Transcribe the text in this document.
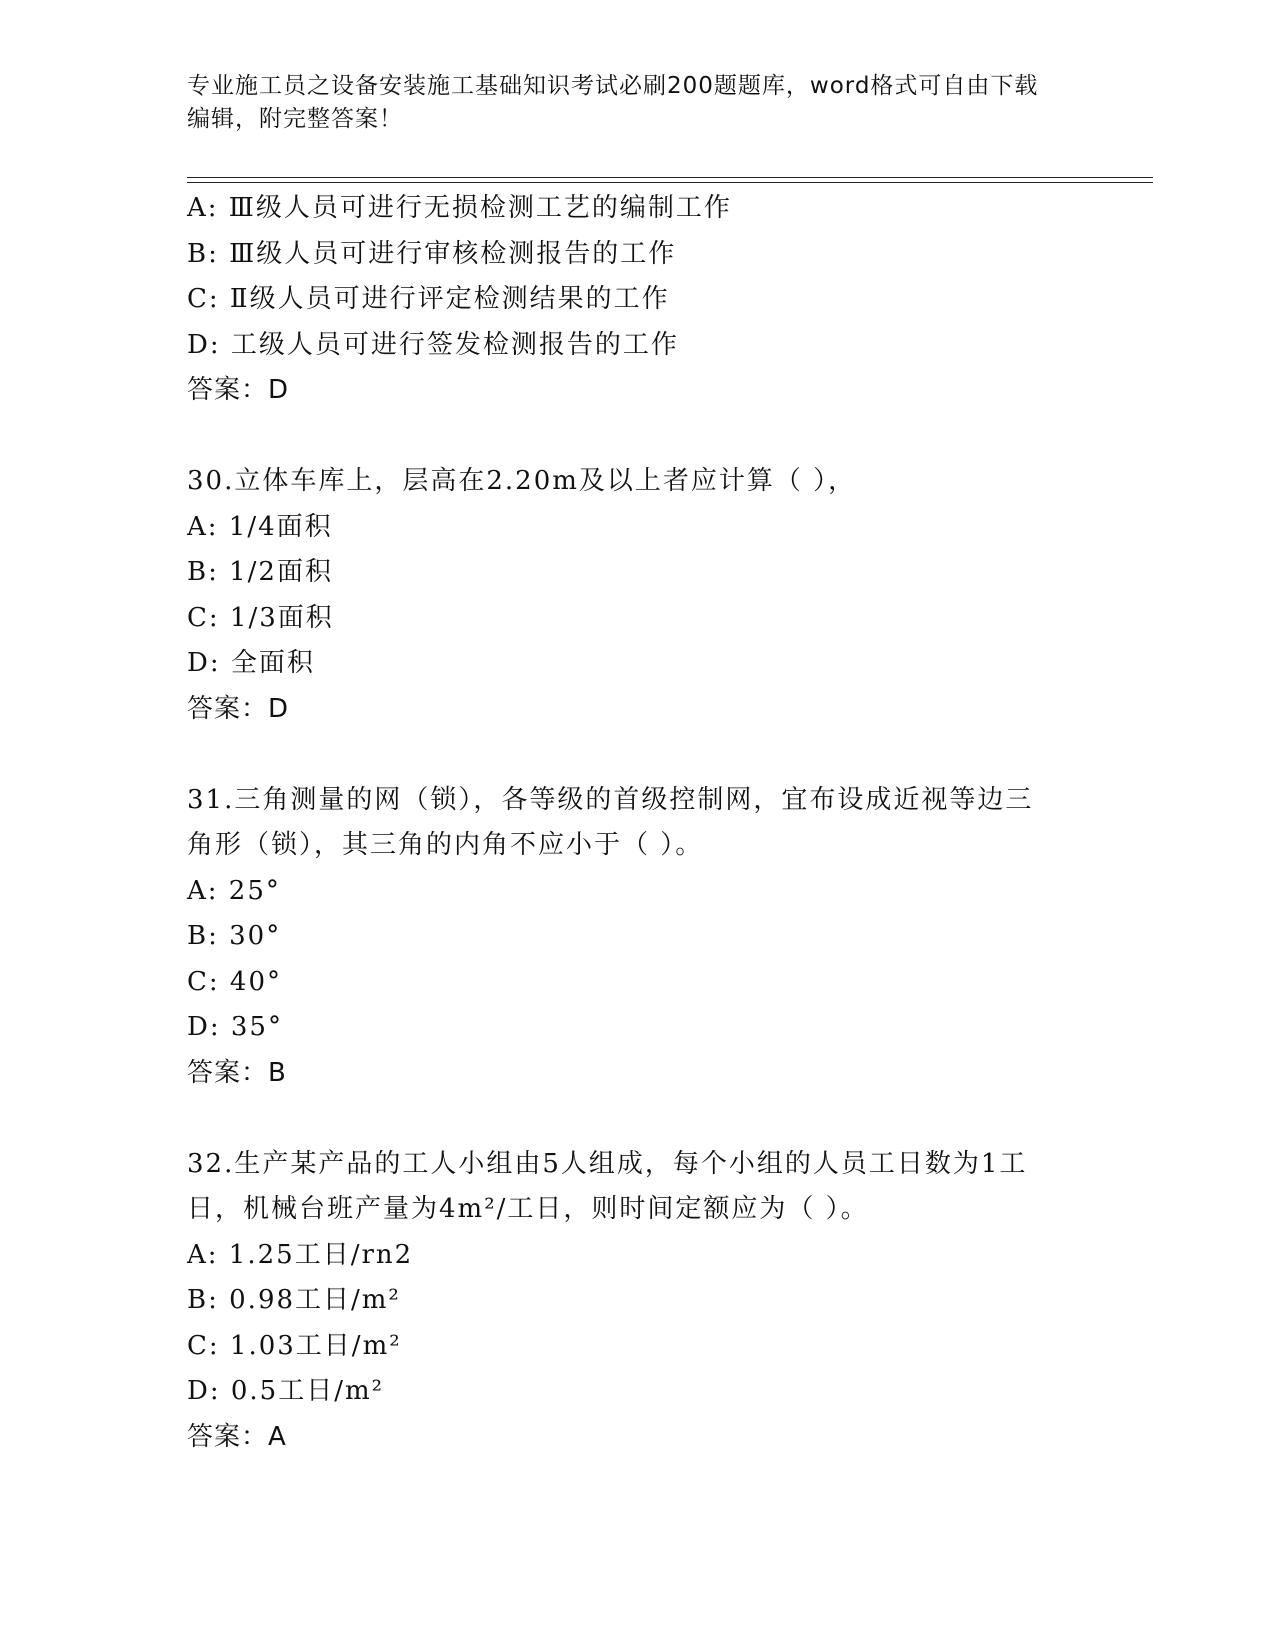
专业施工员之设备安装施工基础知识考试必刷200题题库，word格式可自由下载
编辑，附完整答案！
A: Ⅲ级人员可进行无损检测工艺的编制工作
B: Ⅲ级人员可进行审核检测报告的工作
C: Ⅱ级人员可进行评定检测结果的工作
D: 工级人员可进行签发检测报告的工作
答案：D
30.立体车库上，层高在2.20m及以上者应计算（ ），
A: 1/4面积
B: 1/2面积
C: 1/3面积
D: 全面积
答案：D
31.三角测量的网（锁），各等级的首级控制网，宜布设成近视等边三
角形（锁），其三角的内角不应小于（ ）。
A: 25°
B: 30°
C: 40°
D: 35°
答案：B
32.生产某产品的工人小组由5人组成，每个小组的人员工日数为1工
日，机械台班产量为4m²/工日，则时间定额应为（ ）。
A: 1.25工日/rn2
B: 0.98工日/m²
C: 1.03工日/m²
D: 0.5工日/m²
答案：A
